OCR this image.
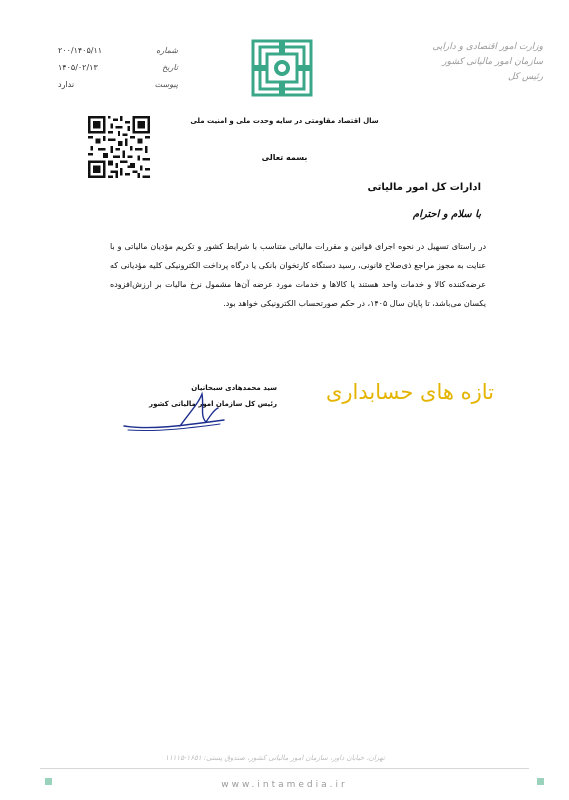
شماره
۲۰۰/۱۴۰۵/۱۱
تاریخ
۱۴۰۵/۰۲/۱۳
پیوست
ندارد
وزارت امور اقتصادی و دارایی
سازمان امور مالیاتی کشور
رئیس کل
سال اقتصاد مقاومتی در سایه وحدت ملی و امنیت ملی
بسمه تعالی
ادارات کل امور مالیاتی
با سلام و احترام
در راستای تسهیل در نحوه اجرای قوانین و مقررات مالیاتی متناسب با شرایط کشور و تکریم مؤدیان مالیاتی و با عنایت به مجوز مراجع ذی‌صلاح قانونی، رسید دستگاه کارتخوان بانکی یا درگاه پرداخت الکترونیکی کلیه مؤدیانی که عرضه‌کننده کالا و خدمات واحد هستند یا کالاها و خدمات مورد عرضه آن‌ها مشمول نرخ مالیات بر ارزش‌افزوده یکسان می‌باشد، تا پایان سال ۱۴۰۵، در حکم صورتحساب الکترونیکی خواهد بود.
سید محمدهادی سبحانیان
رئیس کل سازمان امور مالیاتی کشور	تازه های حسابداری
تهران، خیابان داور، سازمان امور مالیاتی کشور، صندوق پستی: ۱۶۵۱-۱۱۱۱۵
www.intamedia.ir
